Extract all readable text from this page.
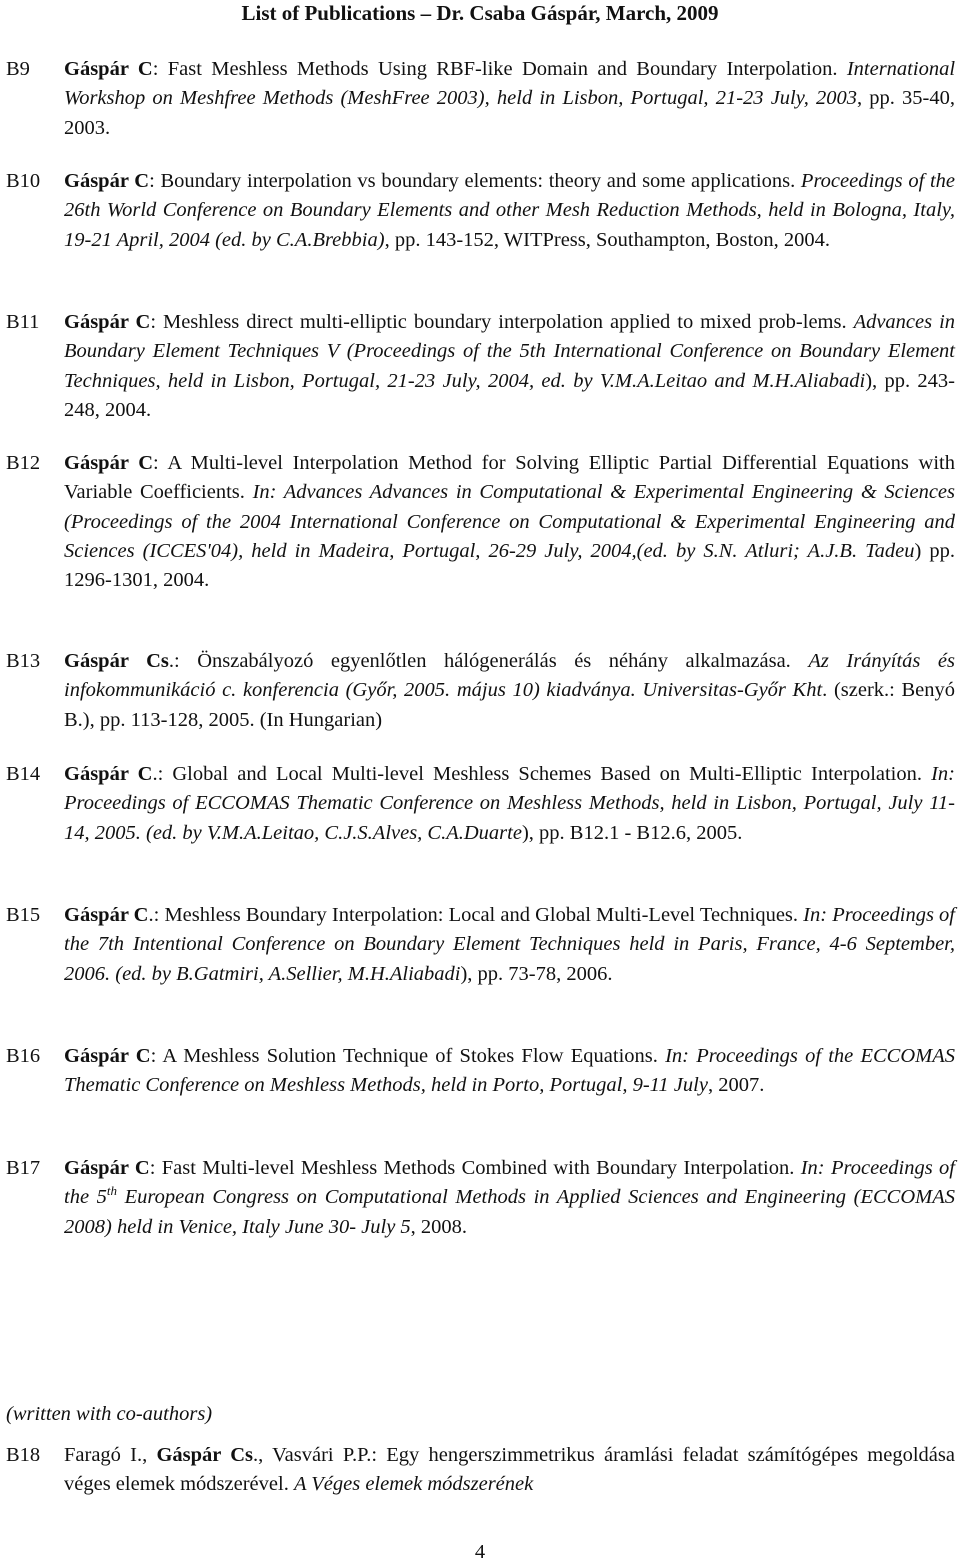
List of Publications – Dr. Csaba Gáspár, March, 2009
B9 Gáspár C: Fast Meshless Methods Using RBF-like Domain and Boundary Interpolation. International Workshop on Meshfree Methods (MeshFree 2003), held in Lisbon, Portugal, 21-23 July, 2003, pp. 35-40, 2003.
B10 Gáspár C: Boundary interpolation vs boundary elements: theory and some applications. Proceedings of the 26th World Conference on Boundary Elements and other Mesh Reduction Methods, held in Bologna, Italy, 19-21 April, 2004 (ed. by C.A.Brebbia), pp. 143-152, WITPress, Southampton, Boston, 2004.
B11 Gáspár C: Meshless direct multi-elliptic boundary interpolation applied to mixed prob-lems. Advances in Boundary Element Techniques V (Proceedings of the 5th International Conference on Boundary Element Techniques, held in Lisbon, Portugal, 21-23 July, 2004, ed. by V.M.A.Leitao and M.H.Aliabadi), pp. 243-248, 2004.
B12 Gáspár C: A Multi-level Interpolation Method for Solving Elliptic Partial Differential Equations with Variable Coefficients. In: Advances Advances in Computational & Experimental Engineering & Sciences (Proceedings of the 2004 International Conference on Computational & Experimental Engineering and Sciences (ICCES'04), held in Madeira, Portugal, 26-29 July, 2004,(ed. by S.N. Atluri; A.J.B. Tadeu) pp. 1296-1301, 2004.
B13 Gáspár Cs.: Önszabályozó egyenlőtlen hálógenerálás és néhány alkalmazása. Az Irányítás és infokommunikáció c. konferencia (Győr, 2005. május 10) kiadványa. Universitas-Győr Kht. (szerk.: Benyó B.), pp. 113-128, 2005. (In Hungarian)
B14 Gáspár C.: Global and Local Multi-level Meshless Schemes Based on Multi-Elliptic Interpolation. In: Proceedings of ECCOMAS Thematic Conference on Meshless Methods, held in Lisbon, Portugal, July 11-14, 2005. (ed. by V.M.A.Leitao, C.J.S.Alves, C.A.Duarte), pp. B12.1 - B12.6, 2005.
B15 Gáspár C.: Meshless Boundary Interpolation: Local and Global Multi-Level Techniques. In: Proceedings of the 7th Intentional Conference on Boundary Element Techniques held in Paris, France, 4-6 September, 2006. (ed. by B.Gatmiri, A.Sellier, M.H.Aliabadi), pp. 73-78, 2006.
B16 Gáspár C: A Meshless Solution Technique of Stokes Flow Equations. In: Proceedings of the ECCOMAS Thematic Conference on Meshless Methods, held in Porto, Portugal, 9-11 July, 2007.
B17 Gáspár C: Fast Multi-level Meshless Methods Combined with Boundary Interpolation. In: Proceedings of the 5th European Congress on Computational Methods in Applied Sciences and Engineering (ECCOMAS 2008) held in Venice, Italy June 30- July 5, 2008.
(written with co-authors)
B18 Faragó I., Gáspár Cs., Vasvári P.P.: Egy hengerszimmetrikus áramlási feladat számítógépes megoldása véges elemek módszerével. A Véges elemek módszerének
4
